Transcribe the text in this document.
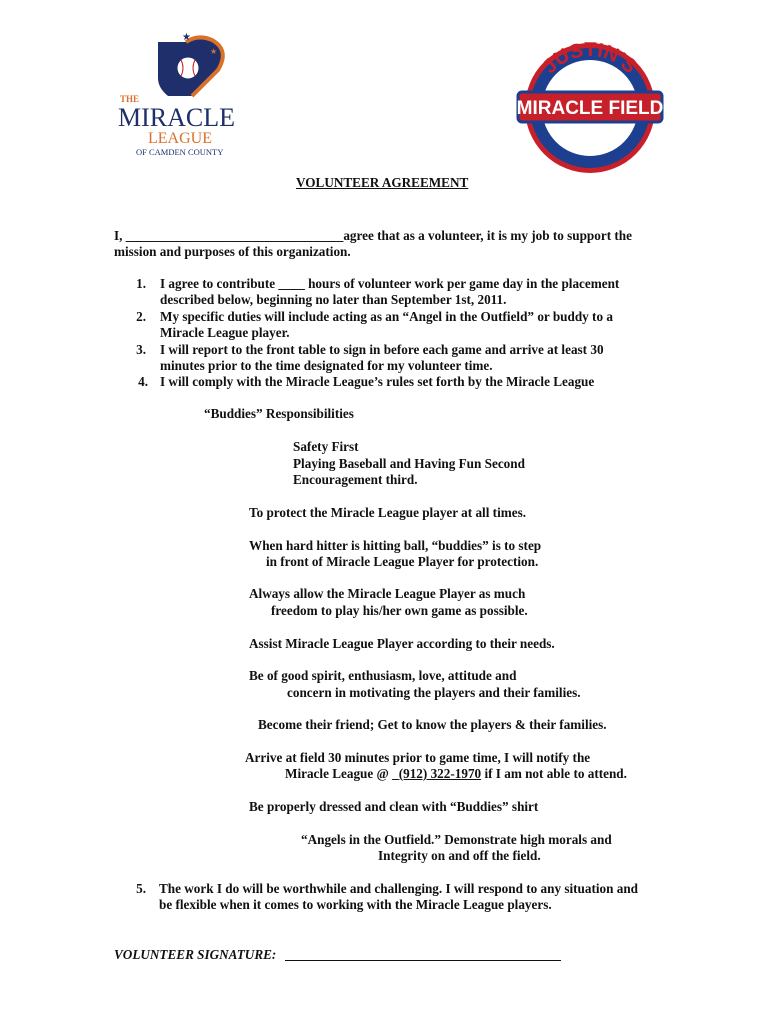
★
★
THE
MIRACLE
LEAGUE
OF CAMDEN COUNTY
JUSTIN'S
MIRACLE FIELD
ESTABLISHED 2011
VOLUNTEER AGREEMENT
I, _________________________________agree that as a volunteer, it is my job to support the
mission and purposes of this organization.
1. I agree to contribute ____ hours of volunteer work per game day in the placement
described below, beginning no later than September 1st, 2011.
2. My specific duties will include acting as an “Angel in the Outfield” or buddy to a
Miracle League player.
3. I will report to the front table to sign in before each game and arrive at least 30
minutes prior to the time designated for my volunteer time.
4. I will comply with the Miracle League’s rules set forth by the Miracle League
“Buddies” Responsibilities
Safety First
Playing Baseball and Having Fun Second
Encouragement third.
To protect the Miracle League player at all times.
When hard hitter is hitting ball, “buddies” is to step
in front of Miracle League Player for protection.
Always allow the Miracle League Player as much
freedom to play his/her own game as possible.
Assist Miracle League Player according to their needs.
Be of good spirit, enthusiasm, love, attitude and
concern in motivating the players and their families.
Become their friend; Get to know the players & their families.
Arrive at field 30 minutes prior to game time, I will notify the
Miracle League @ _(912) 322-1970 if I am not able to attend.
Be properly dressed and clean with “Buddies” shirt
“Angels in the Outfield.” Demonstrate high morals and
Integrity on and off the field.
5. The work I do will be worthwhile and challenging. I will respond to any situation and
be flexible when it comes to working with the Miracle League players.
VOLUNTEER SIGNATURE:
